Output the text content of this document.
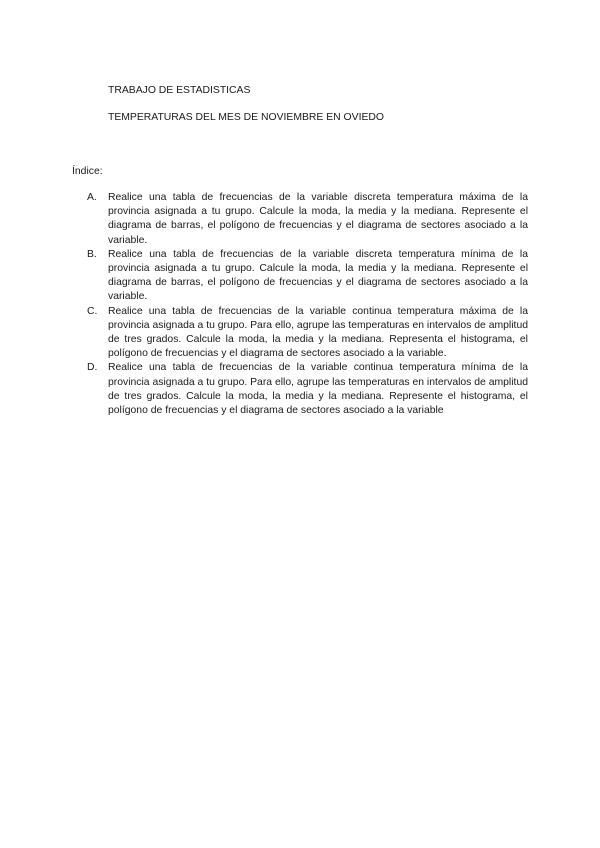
TRABAJO DE ESTADISTICAS

TEMPERATURAS DEL MES DE NOVIEMBRE EN OVIEDO

Índice:

A.	Realice una tabla de frecuencias de la variable discreta temperatura máxima de la provincia asignada a tu grupo. Calcule la moda, la media y la mediana. Represente el diagrama de barras, el polígono de frecuencias y el diagrama de sectores asociado a la variable.
B.	Realice una tabla de frecuencias de la variable discreta temperatura mínima de la provincia asignada a tu grupo. Calcule la moda, la media y la mediana. Represente el diagrama de barras, el polígono de frecuencias y el diagrama de sectores asociado a la variable.
C.	Realice una tabla de frecuencias de la variable continua temperatura máxima de la provincia asignada a tu grupo. Para ello, agrupe las temperaturas en intervalos de amplitud de tres grados. Calcule la moda, la media y la mediana. Representa el histograma, el polígono de frecuencias y el diagrama de sectores asociado a la variable.
D.	Realice una tabla de frecuencias de la variable continua temperatura mínima de la provincia asignada a tu grupo. Para ello, agrupe las temperaturas en intervalos de amplitud de tres grados. Calcule la moda, la media y la mediana. Represente el histograma, el polígono de frecuencias y el diagrama de sectores asociado a la variable
